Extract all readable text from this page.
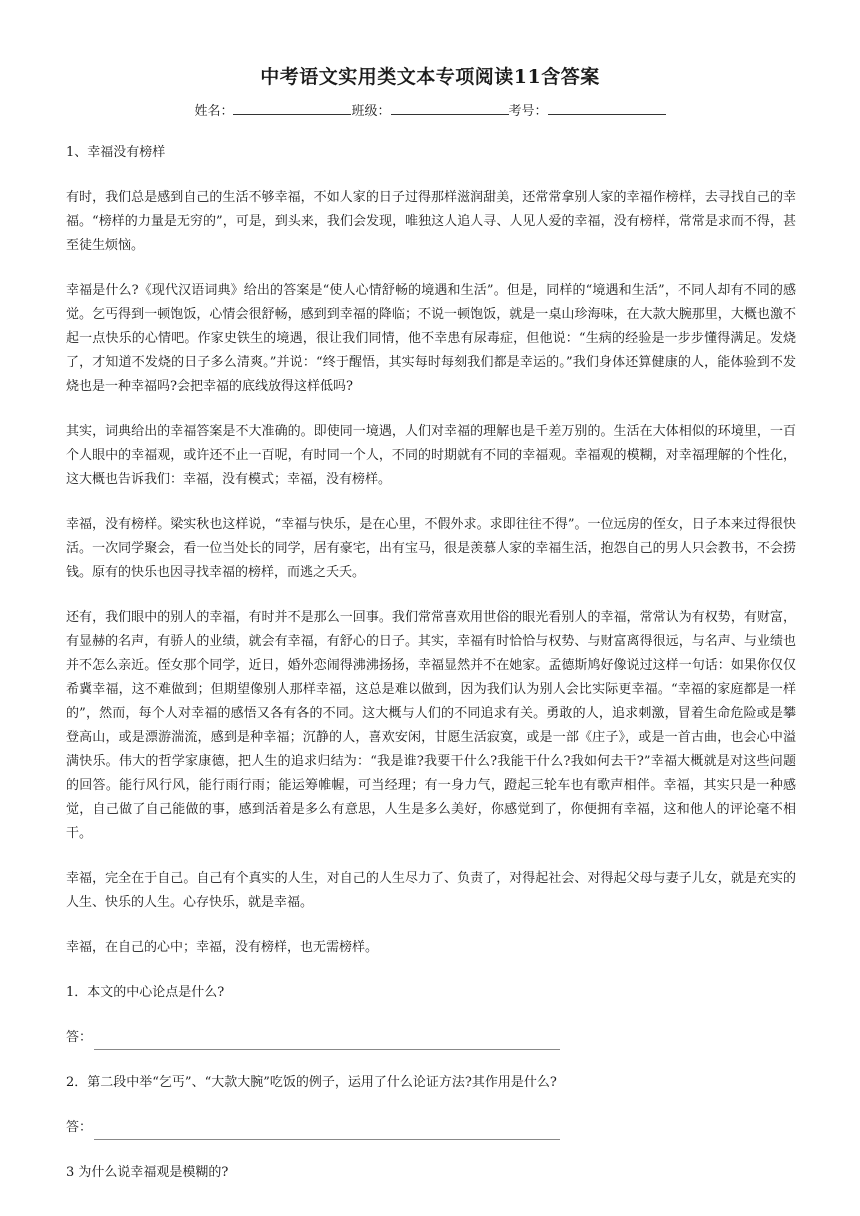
中考语文实用类文本专项阅读11含答案
姓名：	班级：	考号：

1、幸福没有榜样

有时，我们总是感到自己的生活不够幸福，不如人家的日子过得那样滋润甜美，还常常拿别人家的幸福作榜样，去寻找自己的幸福。“榜样的力量是无穷的”，可是，到头来，我们会发现，唯独这人追人寻、人见人爱的幸福，没有榜样，常常是求而不得，甚至徒生烦恼。

幸福是什么?《现代汉语词典》给出的答案是“使人心情舒畅的境遇和生活”。但是，同样的“境遇和生活”，不同人却有不同的感觉。乞丐得到一顿饱饭，心情会很舒畅，感到到幸福的降临；不说一顿饱饭，就是一桌山珍海味，在大款大腕那里，大概也激不起一点快乐的心情吧。作家史铁生的境遇，很让我们同情，他不幸患有尿毒症，但他说：“生病的经验是一步步懂得满足。发烧了，才知道不发烧的日子多么清爽。”并说：“终于醒悟，其实每时每刻我们都是幸运的。”我们身体还算健康的人，能体验到不发烧也是一种幸福吗?会把幸福的底线放得这样低吗?

其实，词典给出的幸福答案是不大准确的。即使同一境遇，人们对幸福的理解也是千差万别的。生活在大体相似的环境里，一百个人眼中的幸福观，或许还不止一百呢，有时同一个人，不同的时期就有不同的幸福观。幸福观的模糊，对幸福理解的个性化，这大概也告诉我们：幸福，没有模式；幸福，没有榜样。

幸福，没有榜样。梁实秋也这样说，“幸福与快乐，是在心里，不假外求。求即往往不得”。一位远房的侄女，日子本来过得很快活。一次同学聚会，看一位当处长的同学，居有豪宅，出有宝马，很是羡慕人家的幸福生活，抱怨自己的男人只会教书，不会捞钱。原有的快乐也因寻找幸福的榜样，而逃之夭夭。

还有，我们眼中的别人的幸福，有时并不是那么一回事。我们常常喜欢用世俗的眼光看别人的幸福，常常认为有权势，有财富，有显赫的名声，有骄人的业绩，就会有幸福，有舒心的日子。其实，幸福有时恰恰与权势、与财富离得很远，与名声、与业绩也并不怎么亲近。侄女那个同学，近日，婚外恋闹得沸沸扬扬，幸福显然并不在她家。孟德斯鸠好像说过这样一句话：如果你仅仅希冀幸福，这不难做到；但期望像别人那样幸福，这总是难以做到，因为我们认为别人会比实际更幸福。“幸福的家庭都是一样的”，然而，每个人对幸福的感悟又各有各的不同。这大概与人们的不同追求有关。勇敢的人，追求刺激，冒着生命危险或是攀登高山，或是漂游湍流，感到是种幸福；沉静的人，喜欢安闲，甘愿生活寂寞，或是一部《庄子》，或是一首古曲，也会心中溢满快乐。伟大的哲学家康德，把人生的追求归结为：“我是谁?我要干什么?我能干什么?我如何去干?”幸福大概就是对这些问题的回答。能行风行风，能行雨行雨；能运筹帷幄，可当经理；有一身力气，蹬起三轮车也有歌声相伴。幸福，其实只是一种感觉，自己做了自己能做的事，感到活着是多么有意思，人生是多么美好，你感觉到了，你便拥有幸福，这和他人的评论毫不相干。

幸福，完全在于自己。自己有个真实的人生，对自己的人生尽力了、负责了，对得起社会、对得起父母与妻子儿女，就是充实的人生、快乐的人生。心存快乐，就是幸福。

幸福，在自己的心中；幸福，没有榜样，也无需榜样。

1．本文的中心论点是什么?

答：

2．第二段中举“乞丐”、“大款大腕”吃饭的例子，运用了什么论证方法?其作用是什么?

答：

3 为什么说幸福观是模糊的?
